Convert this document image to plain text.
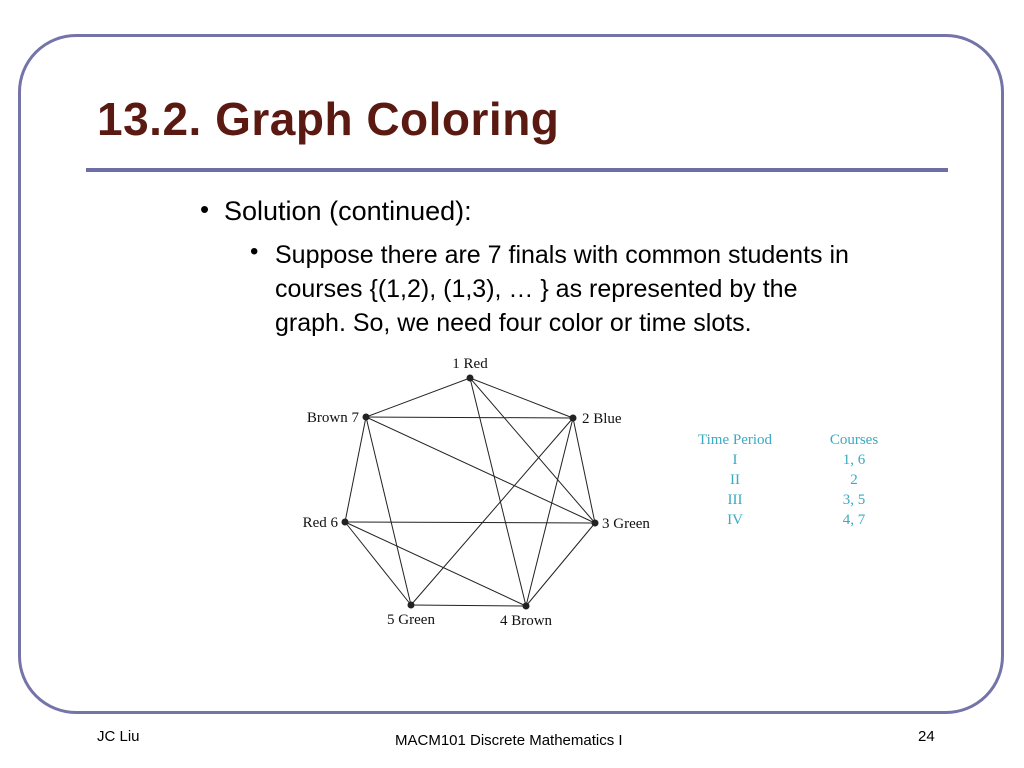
13.2. Graph Coloring
• Solution (continued):
• Suppose there are 7 finals with common students in
courses {(1,2), (1,3), … } as represented by the
graph. So, we need four color or time slots.
1 Red
2 Blue
3 Green
4 Brown
5 Green
Red 6
Brown 7
Time Period	Courses
I	1, 6
II	2
III	3, 5
IV	4, 7
JC Liu	MACM101 Discrete Mathematics I	24
